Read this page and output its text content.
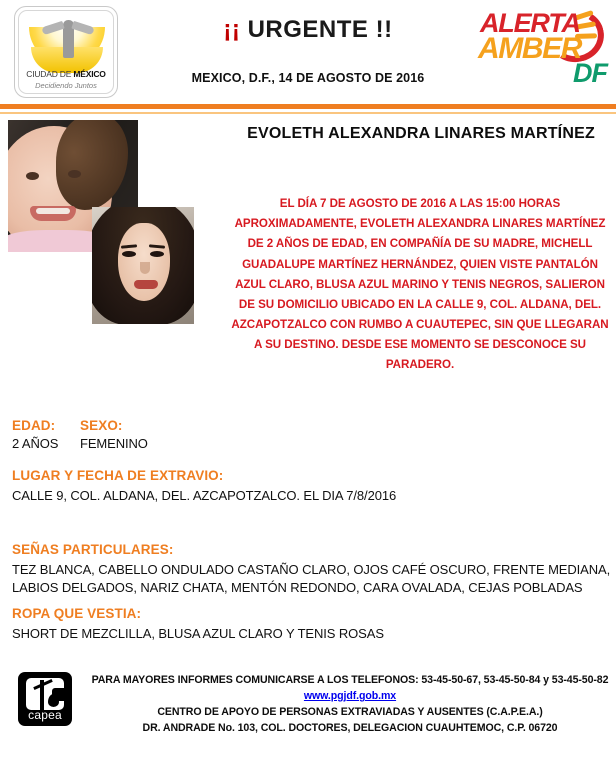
CIUDAD DE MÉXICO
Decidiendo Juntos
¡¡ URGENTE !!
MEXICO, D.F., 14 DE AGOSTO DE 2016
ALERTA
AMBER
DF
EVOLETH ALEXANDRA LINARES MARTÍNEZ
EL DÍA 7 DE AGOSTO DE 2016 A LAS 15:00 HORAS APROXIMADAMENTE, EVOLETH ALEXANDRA LINARES MARTÍNEZ DE 2 AÑOS DE EDAD, EN COMPAÑÍA DE SU MADRE, MICHELL GUADALUPE MARTÍNEZ HERNÁNDEZ, QUIEN VISTE PANTALÓN AZUL CLARO, BLUSA AZUL MARINO Y TENIS NEGROS, SALIERON DE SU DOMICILIO UBICADO EN LA CALLE 9, COL. ALDANA, DEL. AZCAPOTZALCO CON RUMBO A CUAUTEPEC, SIN QUE LLEGARAN A SU DESTINO. DESDE ESE MOMENTO SE DESCONOCE SU PARADERO.
EDAD:
2 AÑOS
SEXO:
FEMENINO
LUGAR Y FECHA DE EXTRAVIO:
CALLE 9, COL. ALDANA, DEL. AZCAPOTZALCO. EL DIA 7/8/2016
SEÑAS PARTICULARES:
TEZ BLANCA, CABELLO ONDULADO CASTAÑO CLARO, OJOS CAFÉ OSCURO, FRENTE MEDIANA,
LABIOS DELGADOS, NARIZ CHATA, MENTÓN REDONDO, CARA OVALADA, CEJAS POBLADAS
ROPA QUE VESTIA:
SHORT DE MEZCLILLA, BLUSA AZUL CLARO Y TENIS ROSAS
capea
PARA MAYORES INFORMES COMUNICARSE A LOS TELEFONOS: 53-45-50-67, 53-45-50-84 y 53-45-50-82
www.pgjdf.gob.mx
CENTRO DE APOYO DE PERSONAS EXTRAVIADAS Y AUSENTES (C.A.P.E.A.)
DR. ANDRADE No. 103, COL. DOCTORES, DELEGACION CUAUHTEMOC, C.P. 06720
